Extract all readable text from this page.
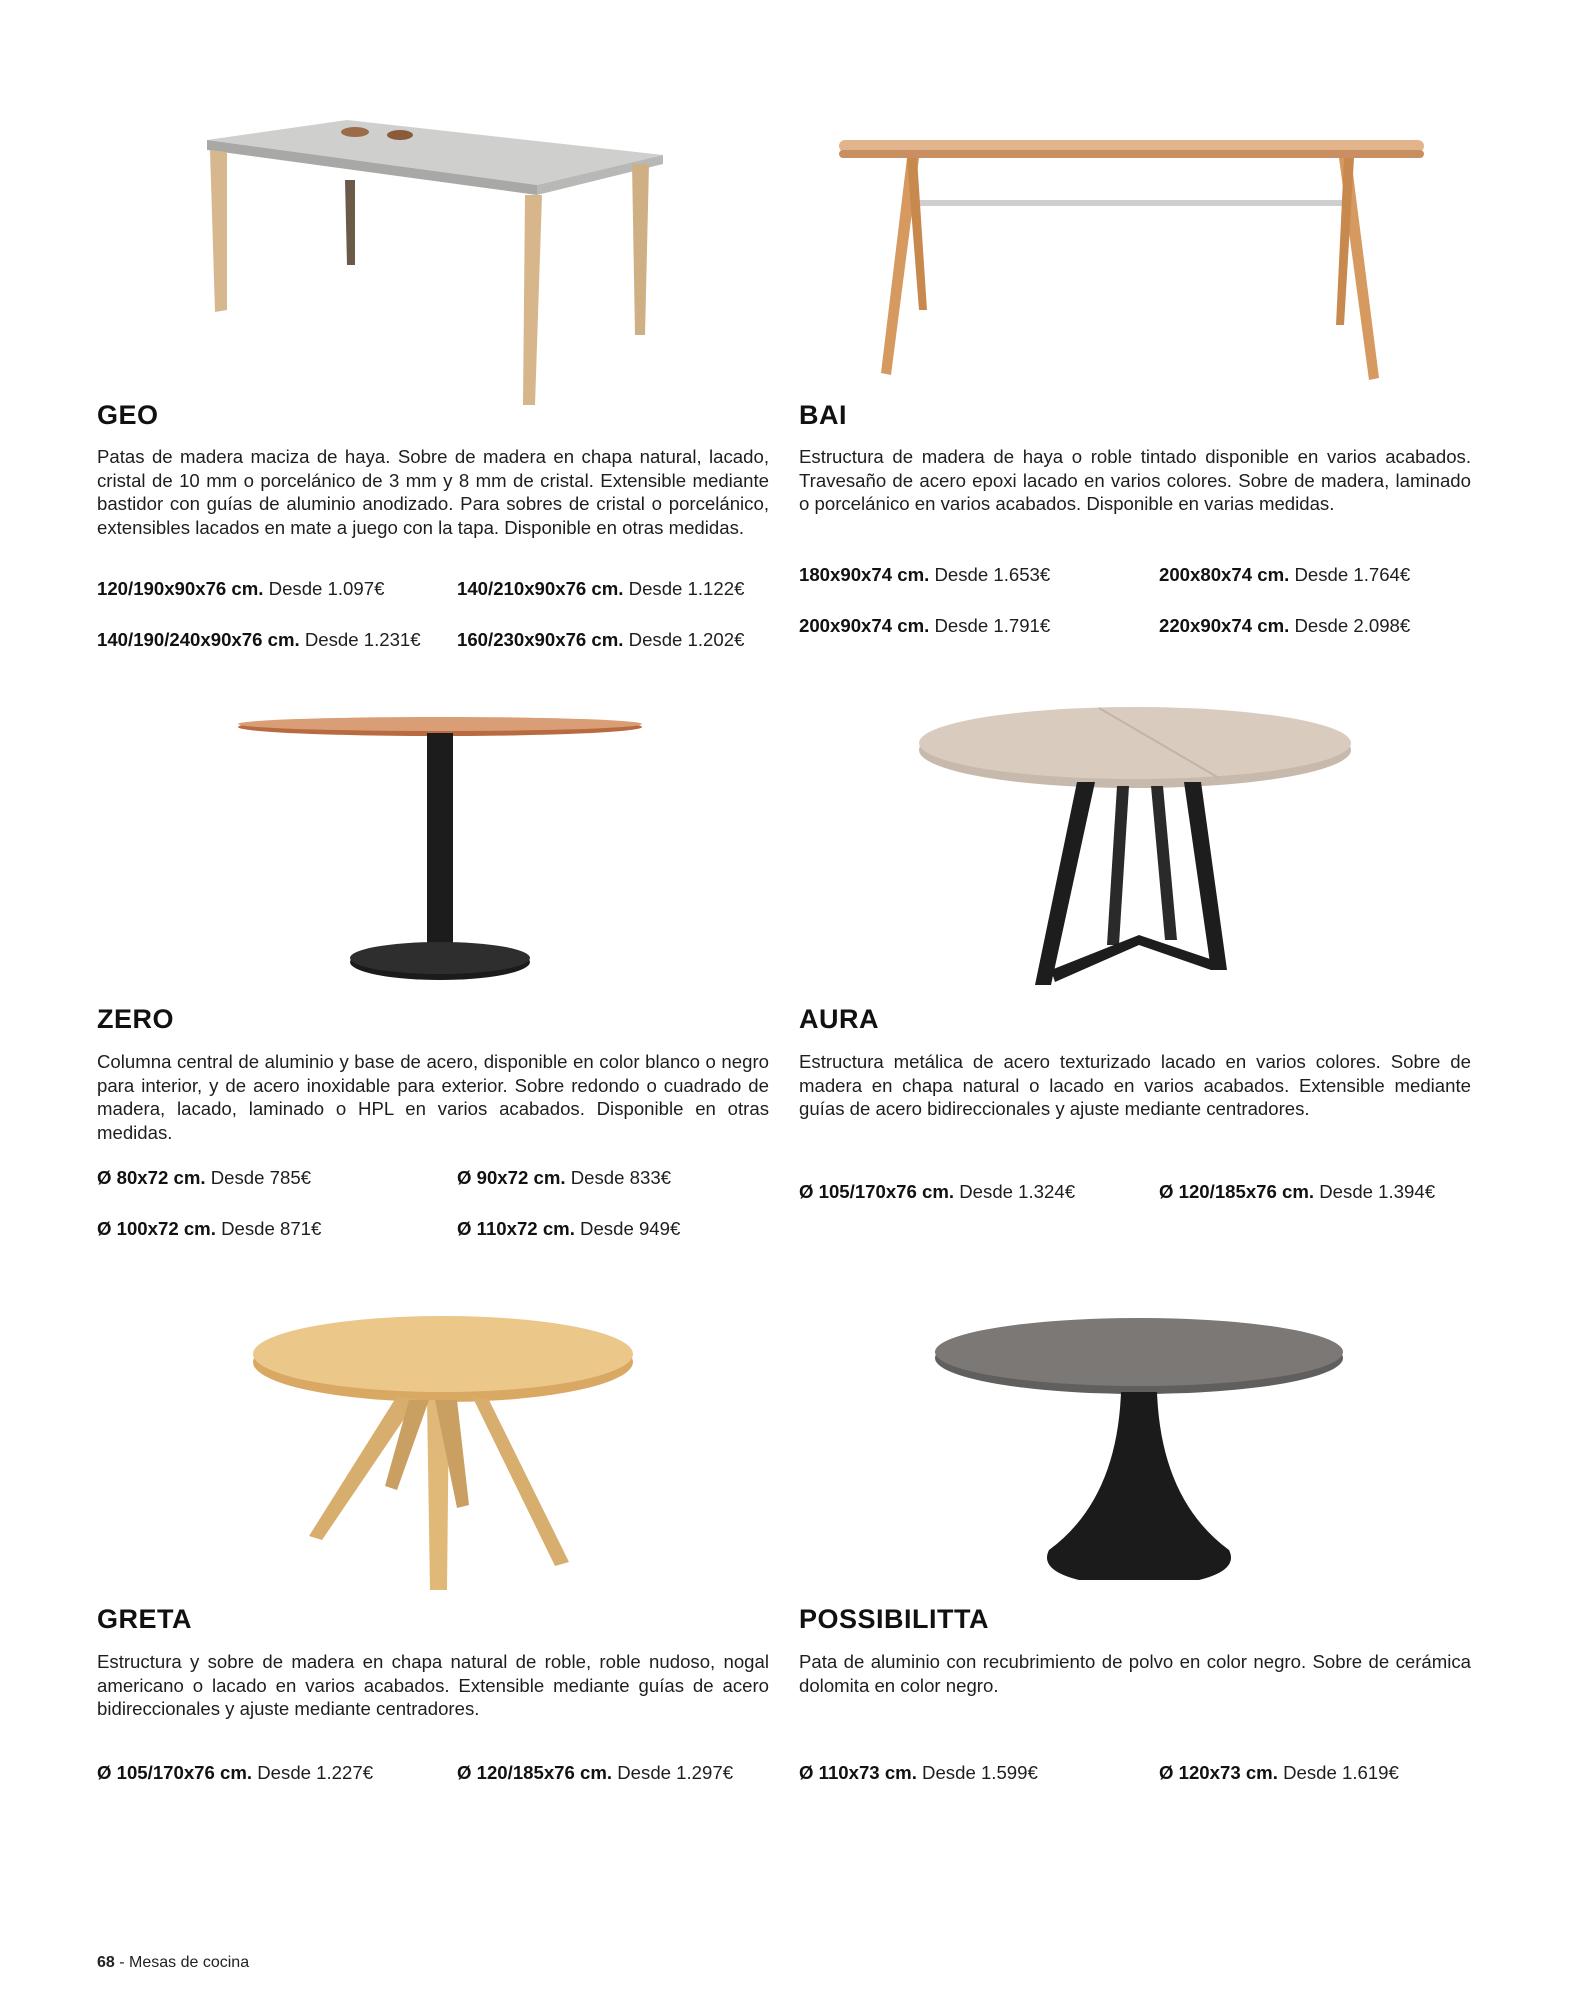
GEO

Patas de madera maciza de haya. Sobre de madera en chapa natural, lacado, cristal de 10 mm o porcelánico de 3 mm y 8 mm de cristal. Extensible mediante bastidor con guías de aluminio anodizado. Para sobres de cristal o porcelánico, extensibles lacados en mate a juego con la tapa. Disponible en otras medidas.

120/190x90x76 cm. Desde 1.097€	140/210x90x76 cm. Desde 1.122€
140/190/240x90x76 cm. Desde 1.231€ 160/230x90x76 cm. Desde 1.202€
BAI

Estructura de madera de haya o roble tintado disponible en varios acabados. Travesaño de acero epoxi lacado en varios colores. Sobre de madera, laminado o porcelánico en varios acabados. Disponible en varias medidas.

180x90x74 cm. Desde 1.653€	200x80x74 cm. Desde 1.764€
200x90x74 cm. Desde 1.791€	220x90x74 cm. Desde 2.098€
ZERO

Columna central de aluminio y base de acero, disponible en color blanco o negro para interior, y de acero inoxidable para exterior. Sobre redondo o cuadrado de madera, lacado, laminado o HPL en varios acabados. Disponible en otras medidas.

Ø 80x72 cm. Desde 785€	Ø 90x72 cm. Desde 833€
Ø 100x72 cm. Desde 871€	Ø 110x72 cm. Desde 949€
AURA

Estructura metálica de acero texturizado lacado en varios colores. Sobre de madera en chapa natural o lacado en varios acabados. Extensible mediante guías de acero bidireccionales y ajuste mediante centradores.

Ø 105/170x76 cm. Desde 1.324€	Ø 120/185x76 cm. Desde 1.394€
GRETA

Estructura y sobre de madera en chapa natural de roble, roble nudoso, nogal americano o lacado en varios acabados. Extensible mediante guías de acero bidireccionales y ajuste mediante centradores.

Ø 105/170x76 cm. Desde 1.227€	Ø 120/185x76 cm. Desde 1.297€
POSSIBILITTA

Pata de aluminio con recubrimiento de polvo en color negro. Sobre de cerámica dolomita en color negro.

Ø 110x73 cm. Desde 1.599€	Ø 120x73 cm. Desde 1.619€
68 - Mesas de cocina
